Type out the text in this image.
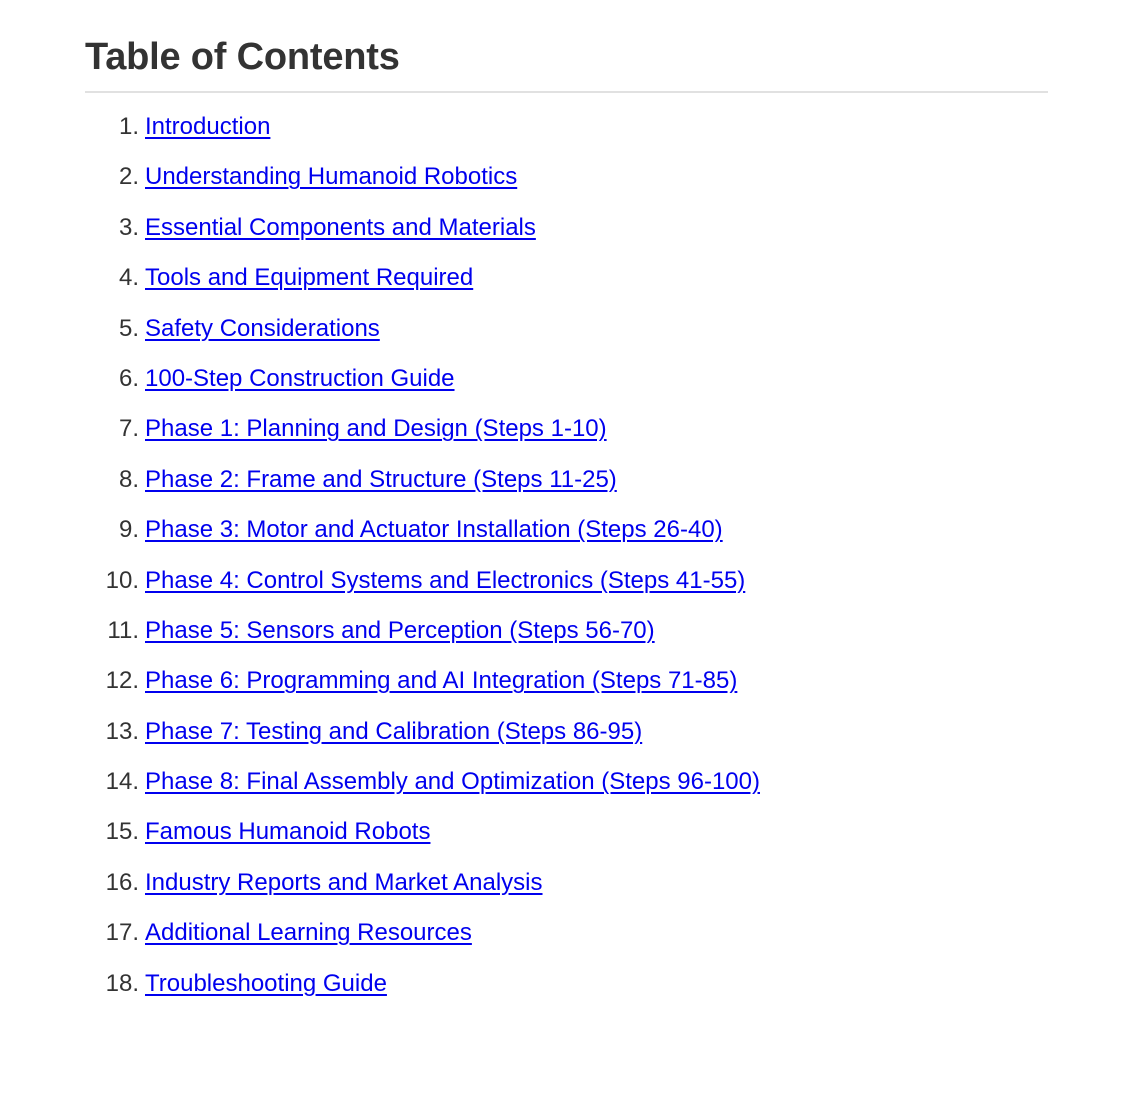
Table of Contents
1. Introduction
2. Understanding Humanoid Robotics
3. Essential Components and Materials
4. Tools and Equipment Required
5. Safety Considerations
6. 100-Step Construction Guide
7. Phase 1: Planning and Design (Steps 1-10)
8. Phase 2: Frame and Structure (Steps 11-25)
9. Phase 3: Motor and Actuator Installation (Steps 26-40)
10. Phase 4: Control Systems and Electronics (Steps 41-55)
11. Phase 5: Sensors and Perception (Steps 56-70)
12. Phase 6: Programming and AI Integration (Steps 71-85)
13. Phase 7: Testing and Calibration (Steps 86-95)
14. Phase 8: Final Assembly and Optimization (Steps 96-100)
15. Famous Humanoid Robots
16. Industry Reports and Market Analysis
17. Additional Learning Resources
18. Troubleshooting Guide
